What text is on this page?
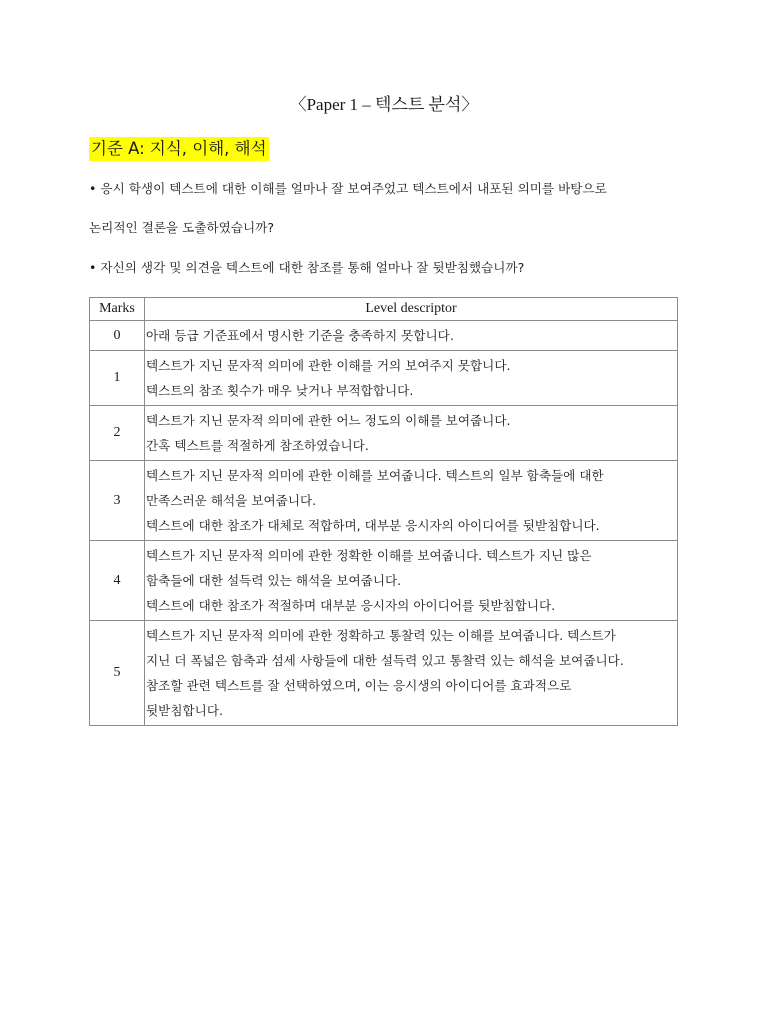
〈Paper 1 – 텍스트 분석〉
기준 A: 지식, 이해, 해석
• 응시 학생이 텍스트에 대한 이해를 얼마나 잘 보여주었고 텍스트에서 내포된 의미를 바탕으로
논리적인 결론을 도출하였습니까?
• 자신의 생각 및 의견을 텍스트에 대한 참조를 통해 얼마나 잘 뒷받침했습니까?
Marks	Level descriptor
0	아래 등급 기준표에서 명시한 기준을 충족하지 못합니다.

1	텍스트가 지닌 문자적 의미에 관한 이해를 거의 보여주지 못합니다.
텍스트의 참조 횟수가 매우 낮거나 부적합합니다.

2	텍스트가 지닌 문자적 의미에 관한 어느 정도의 이해를 보여줍니다.
간혹 텍스트를 적절하게 참조하였습니다.

3	텍스트가 지닌 문자적 의미에 관한 이해를 보여줍니다. 텍스트의 일부 함축들에 대한
만족스러운 해석을 보여줍니다.
텍스트에 대한 참조가 대체로 적합하며, 대부분 응시자의 아이디어를 뒷받침합니다.

4	텍스트가 지닌 문자적 의미에 관한 정확한 이해를 보여줍니다. 텍스트가 지닌 많은
함축들에 대한 설득력 있는 해석을 보여줍니다.
텍스트에 대한 참조가 적절하며 대부분 응시자의 아이디어를 뒷받침합니다.

5	텍스트가 지닌 문자적 의미에 관한 정확하고 통찰력 있는 이해를 보여줍니다. 텍스트가
지닌 더 폭넓은 함축과 섬세 사항들에 대한 설득력 있고 통찰력 있는 해석을 보여줍니다.
참조할 관련 텍스트를 잘 선택하였으며, 이는 응시생의 아이디어를 효과적으로
뒷받침합니다.
